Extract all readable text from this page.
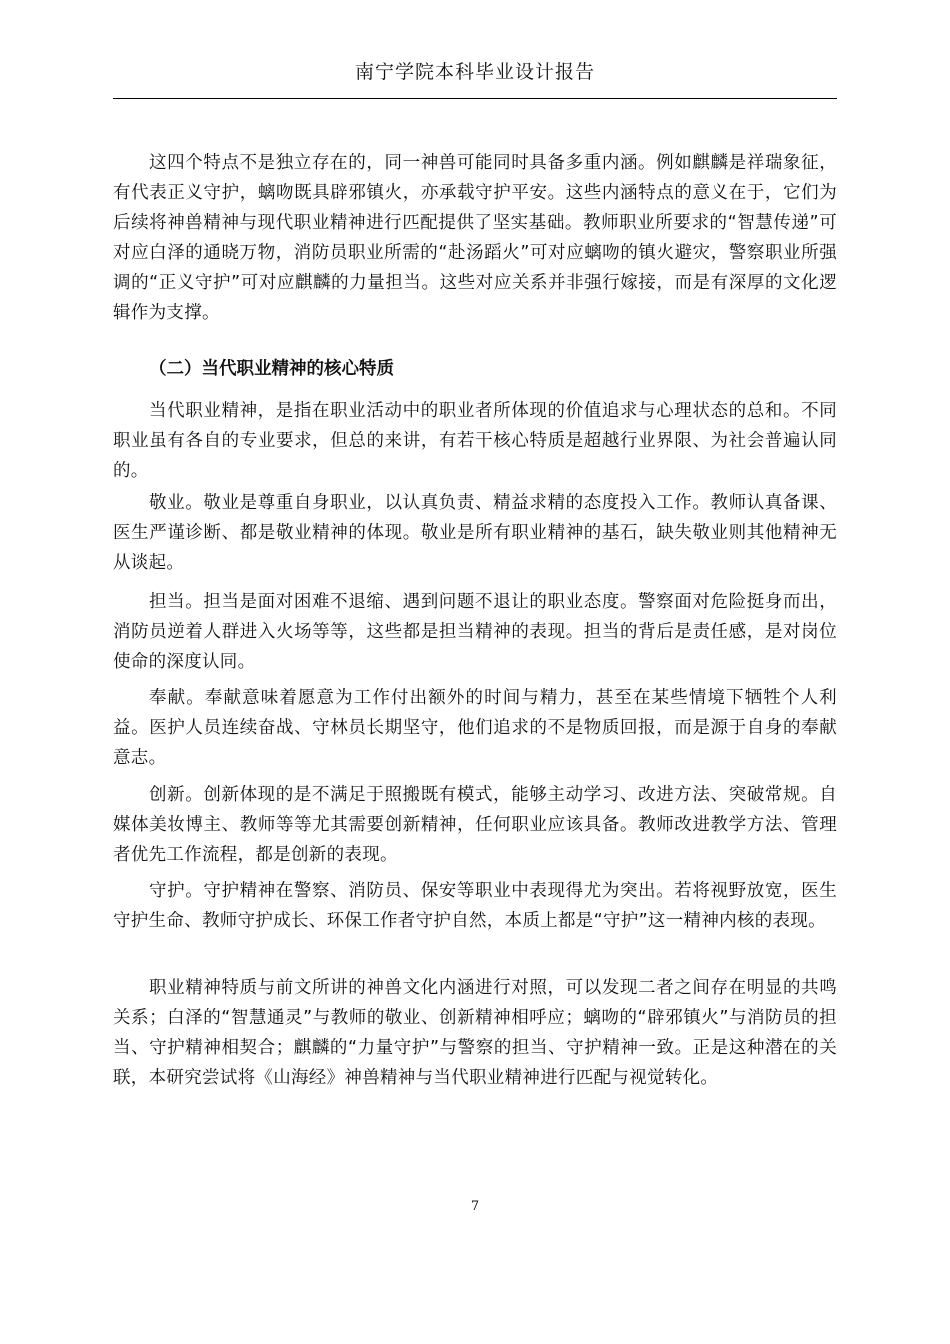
南宁学院本科毕业设计报告

这四个特点不是独立存在的，同一神兽可能同时具备多重内涵。例如麒麟是祥瑞象征，有代表正义守护，螭吻既具辟邪镇火，亦承载守护平安。这些内涵特点的意义在于，它们为后续将神兽精神与现代职业精神进行匹配提供了坚实基础。教师职业所要求的“智慧传递”可对应白泽的通晓万物，消防员职业所需的“赴汤蹈火”可对应螭吻的镇火避灾，警察职业所强调的“正义守护”可对应麒麟的力量担当。这些对应关系并非强行嫁接，而是有深厚的文化逻辑作为支撑。

（二）当代职业精神的核心特质

当代职业精神，是指在职业活动中的职业者所体现的价值追求与心理状态的总和。不同职业虽有各自的专业要求，但总的来讲，有若干核心特质是超越行业界限、为社会普遍认同的。

敬业。敬业是尊重自身职业，以认真负责、精益求精的态度投入工作。教师认真备课、医生严谨诊断、都是敬业精神的体现。敬业是所有职业精神的基石，缺失敬业则其他精神无从谈起。

担当。担当是面对困难不退缩、遇到问题不退让的职业态度。警察面对危险挺身而出，消防员逆着人群进入火场等等，这些都是担当精神的表现。担当的背后是责任感，是对岗位使命的深度认同。

奉献。奉献意味着愿意为工作付出额外的时间与精力，甚至在某些情境下牺牲个人利益。医护人员连续奋战、守林员长期坚守，他们追求的不是物质回报，而是源于自身的奉献意志。

创新。创新体现的是不满足于照搬既有模式，能够主动学习、改进方法、突破常规。自媒体美妆博主、教师等等尤其需要创新精神，任何职业应该具备。教师改进教学方法、管理者优先工作流程，都是创新的表现。

守护。守护精神在警察、消防员、保安等职业中表现得尤为突出。若将视野放宽，医生守护生命、教师守护成长、环保工作者守护自然，本质上都是“守护”这一精神内核的表现。

职业精神特质与前文所讲的神兽文化内涵进行对照，可以发现二者之间存在明显的共鸣关系；白泽的“智慧通灵”与教师的敬业、创新精神相呼应；螭吻的“辟邪镇火”与消防员的担当、守护精神相契合；麒麟的“力量守护”与警察的担当、守护精神一致。正是这种潜在的关联，本研究尝试将《山海经》神兽精神与当代职业精神进行匹配与视觉转化。

7
